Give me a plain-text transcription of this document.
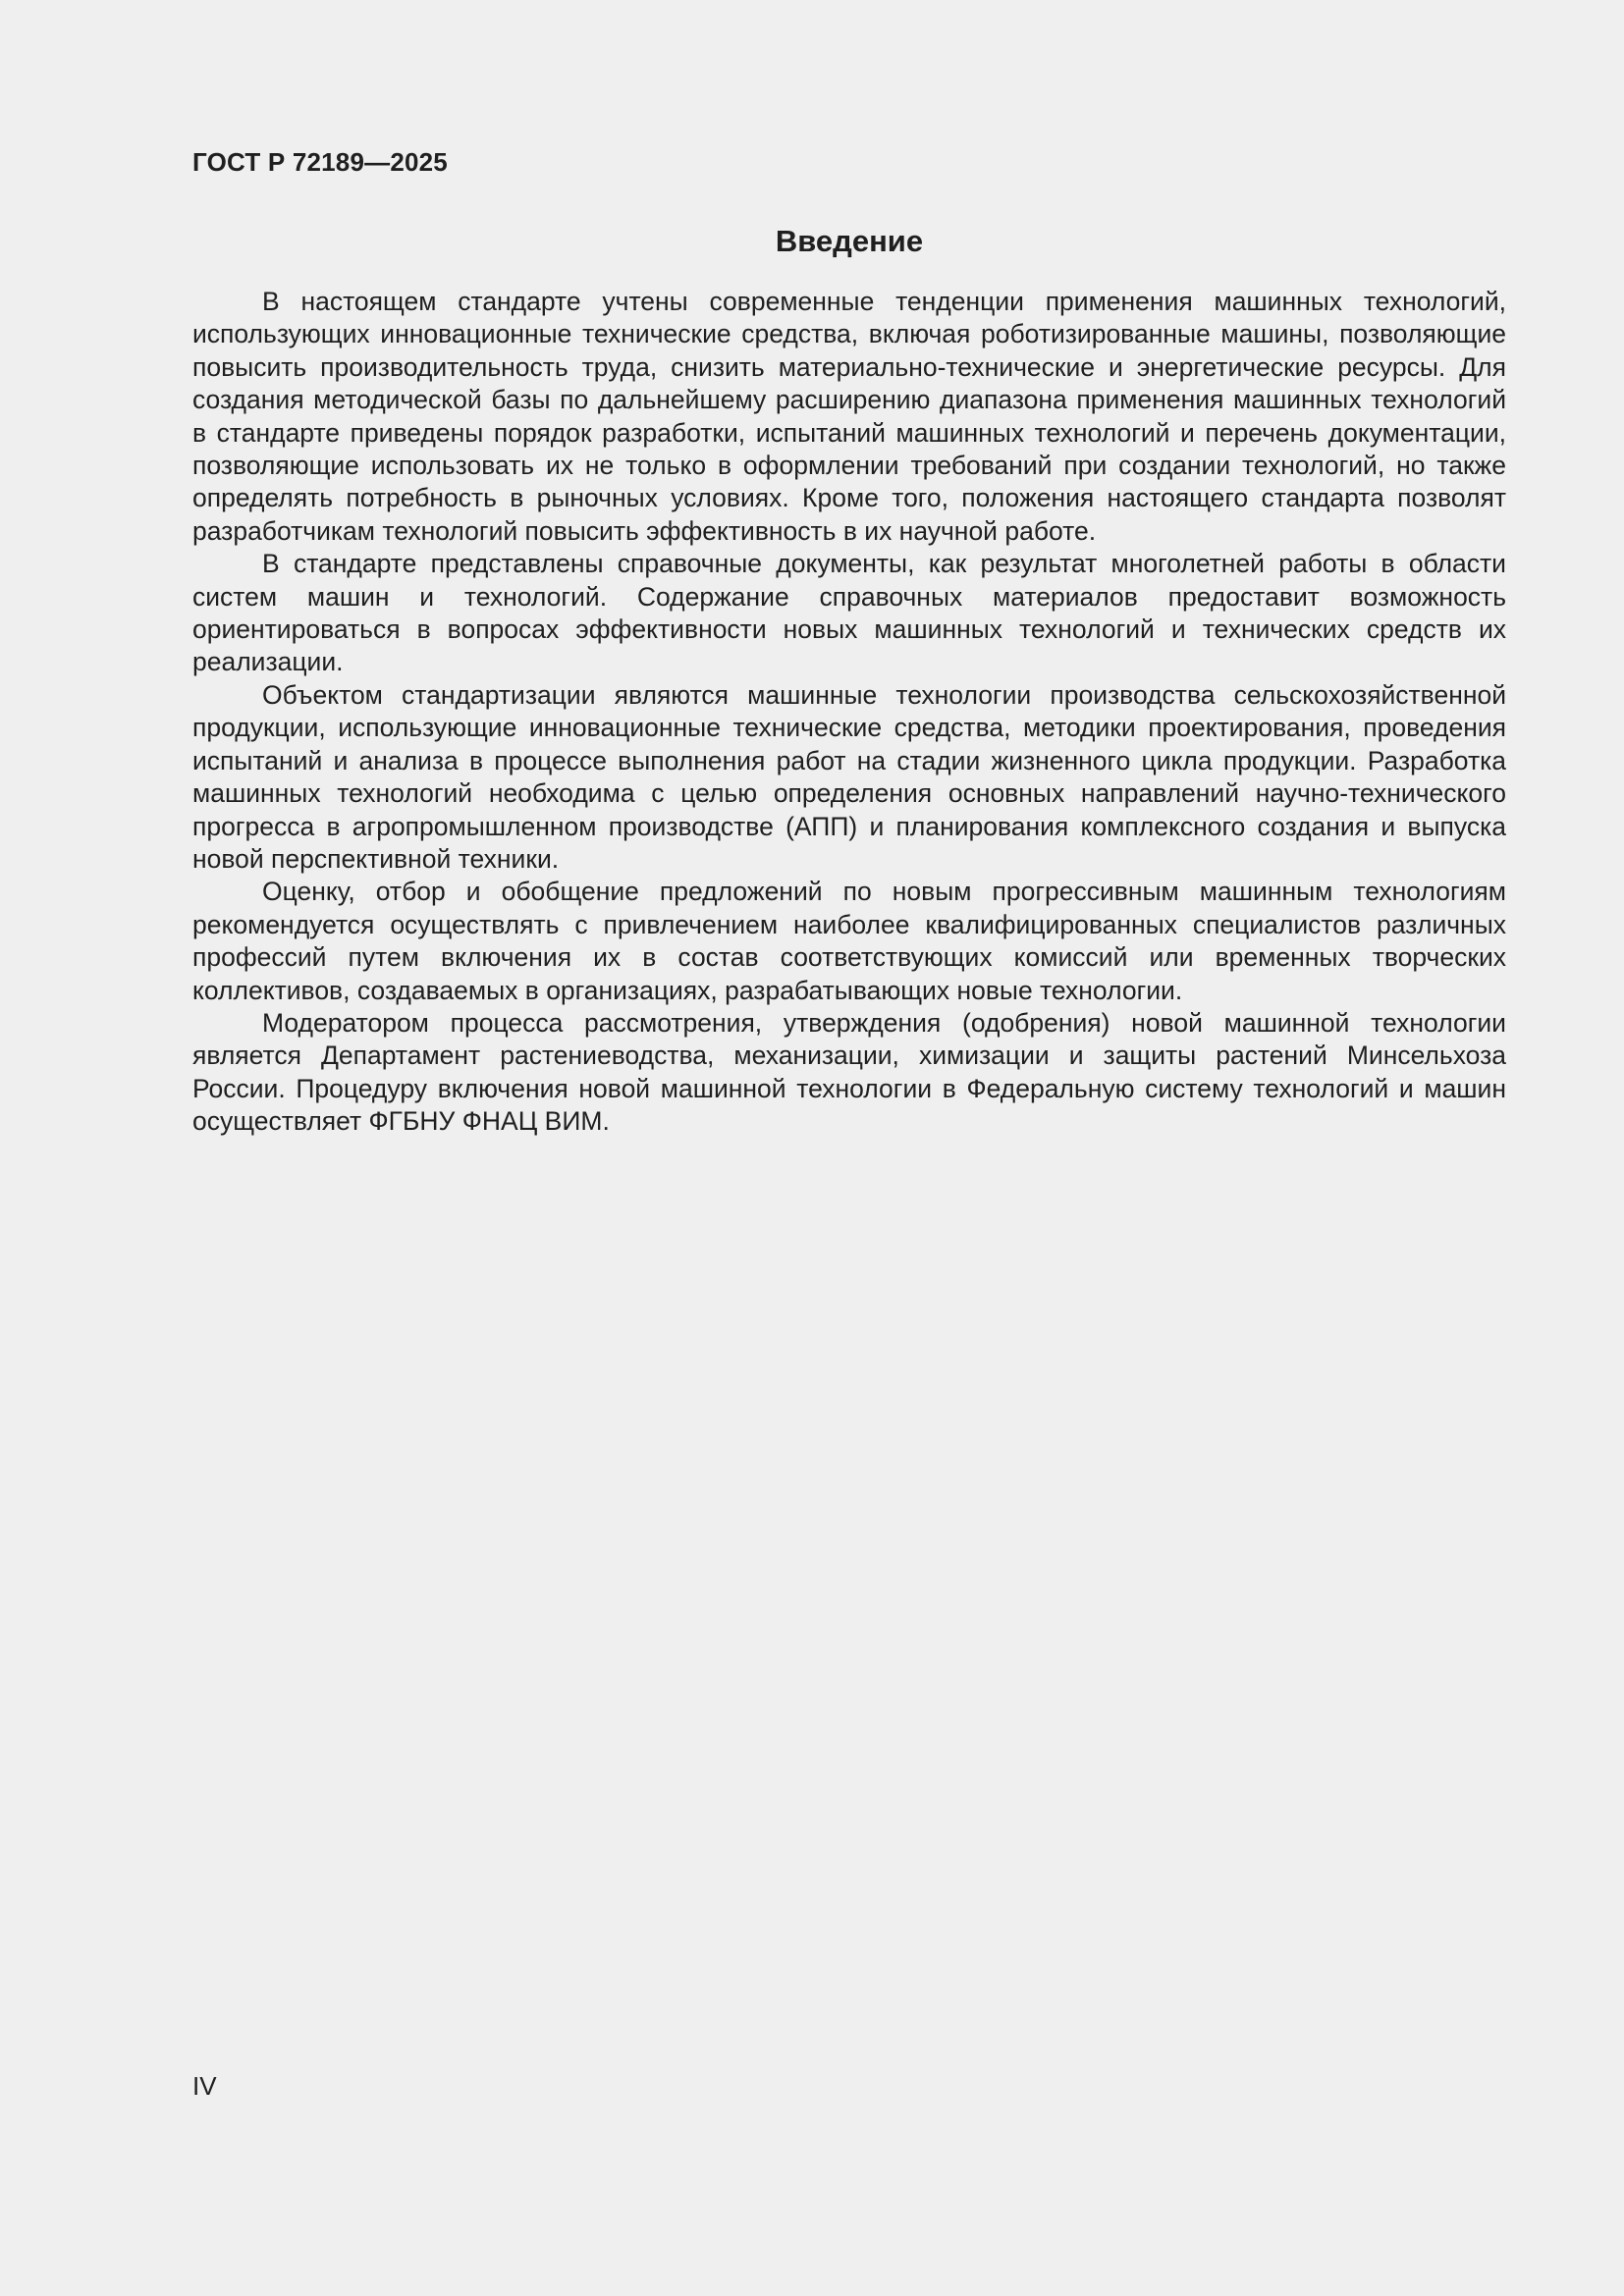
ГОСТ Р 72189—2025
Введение

В настоящем стандарте учтены современные тенденции применения машинных технологий, использующих инновационные технические средства, включая роботизированные машины, позволяющие повысить производительность труда, снизить материально-технические и энергетические ресурсы. Для создания методической базы по дальнейшему расширению диапазона применения машинных технологий в стандарте приведены порядок разработки, испытаний машинных технологий и перечень документации, позволяющие использовать их не только в оформлении требований при создании технологий, но также определять потребность в рыночных условиях. Кроме того, положения настоящего стандарта позволят разработчикам технологий повысить эффективность в их научной работе.

В стандарте представлены справочные документы, как результат многолетней работы в области систем машин и технологий. Содержание справочных материалов предоставит возможность ориентироваться в вопросах эффективности новых машинных технологий и технических средств их реализации.

Объектом стандартизации являются машинные технологии производства сельскохозяйственной продукции, использующие инновационные технические средства, методики проектирования, проведения испытаний и анализа в процессе выполнения работ на стадии жизненного цикла продукции. Разработка машинных технологий необходима с целью определения основных направлений научно-технического прогресса в агропромышленном производстве (АПП) и планирования комплексного создания и выпуска новой перспективной техники.

Оценку, отбор и обобщение предложений по новым прогрессивным машинным технологиям рекомендуется осуществлять с привлечением наиболее квалифицированных специалистов различных профессий путем включения их в состав соответствующих комиссий или временных творческих коллективов, создаваемых в организациях, разрабатывающих новые технологии.

Модератором процесса рассмотрения, утверждения (одобрения) новой машинной технологии является Департамент растениеводства, механизации, химизации и защиты растений Минсельхоза России. Процедуру включения новой машинной технологии в Федеральную систему технологий и машин осуществляет ФГБНУ ФНАЦ ВИМ.

IV
